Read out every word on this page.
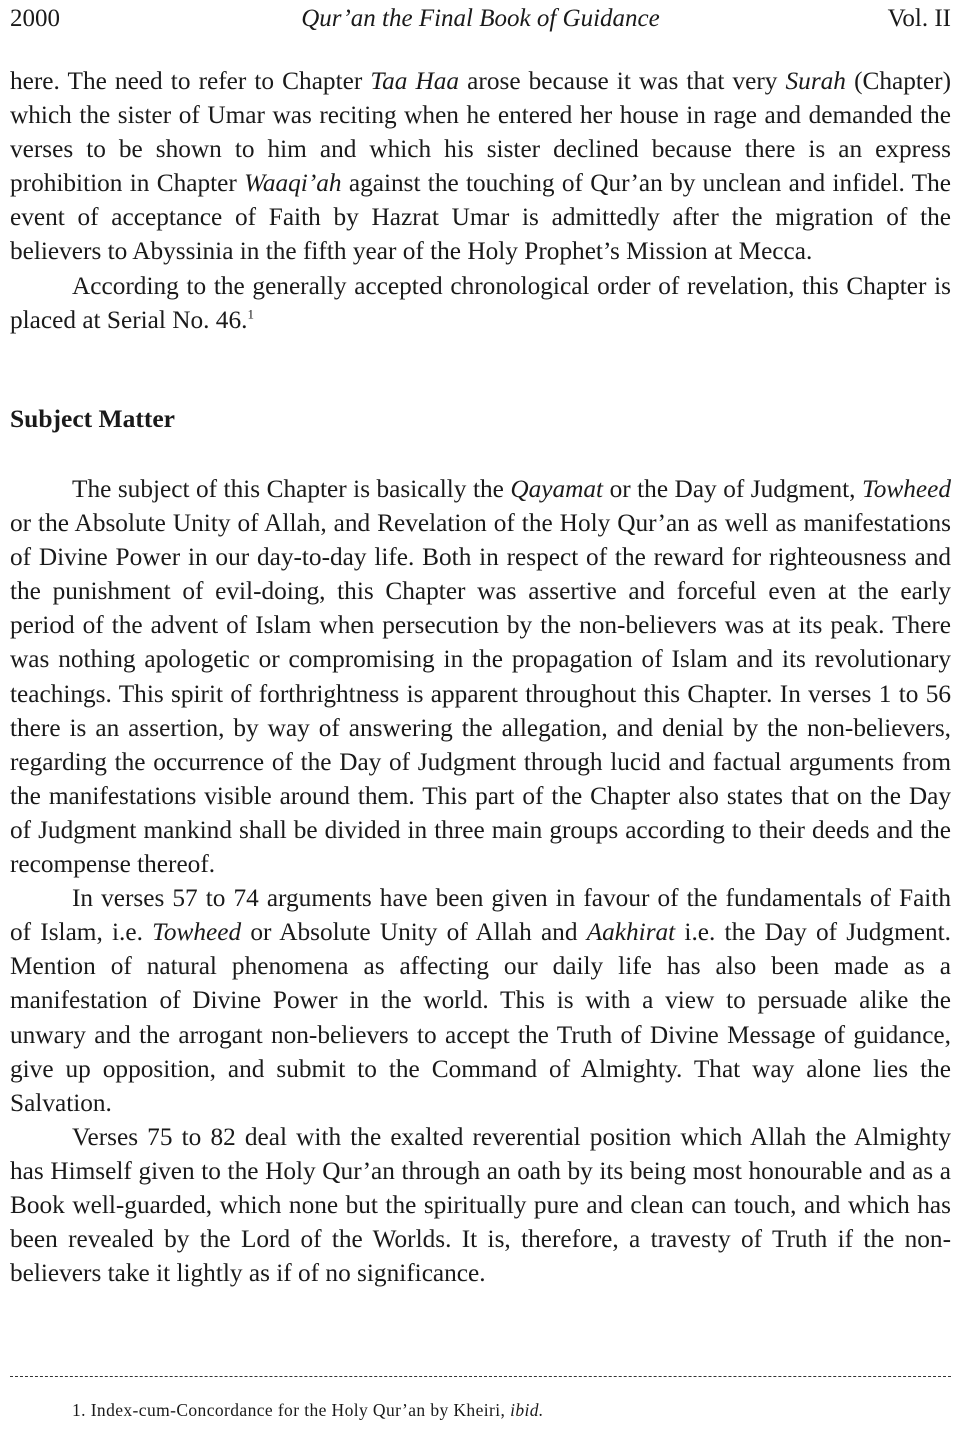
2000	Qur’an the Final Book of Guidance	Vol. II

here. The need to refer to Chapter Taa Haa arose because it was that very Surah (Chapter) which the sister of Umar was reciting when he entered her house in rage and demanded the verses to be shown to him and which his sister declined because there is an express prohibition in Chapter Waaqi’ah against the touching of Qur’an by unclean and infidel. The event of acceptance of Faith by Hazrat Umar is admittedly after the migration of the believers to Abyssinia in the fifth year of the Holy Prophet’s Mission at Mecca.

According to the generally accepted chronological order of revelation, this Chapter is placed at Serial No. 46.$^1$

Subject Matter

The subject of this Chapter is basically the Qayamat or the Day of Judgment, Towheed or the Absolute Unity of Allah, and Revelation of the Holy Qur’an as well as manifestations of Divine Power in our day-to-day life. Both in respect of the reward for righteousness and the punishment of evil-doing, this Chapter was assertive and forceful even at the early period of the advent of Islam when persecution by the non-believers was at its peak. There was nothing apologetic or compromising in the propagation of Islam and its revolutionary teachings. This spirit of forthrightness is apparent throughout this Chapter. In verses 1 to 56 there is an assertion, by way of answering the allegation, and denial by the non-believers, regarding the occurrence of the Day of Judgment through lucid and factual arguments from the manifestations visible around them. This part of the Chapter also states that on the Day of Judgment mankind shall be divided in three main groups according to their deeds and the recompense thereof.

In verses 57 to 74 arguments have been given in favour of the fundamentals of Faith of Islam, i.e. Towheed or Absolute Unity of Allah and Aakhirat i.e. the Day of Judgment. Mention of natural phenomena as affecting our daily life has also been made as a manifestation of Divine Power in the world. This is with a view to persuade alike the unwary and the arrogant non-believers to accept the Truth of Divine Message of guidance, give up opposition, and submit to the Command of Almighty. That way alone lies the Salvation.

Verses 75 to 82 deal with the exalted reverential position which Allah the Almighty has Himself given to the Holy Qur’an through an oath by its being most honourable and as a Book well-guarded, which none but the spiritually pure and clean can touch, and which has been revealed by the Lord of the Worlds. It is, therefore, a travesty of Truth if the non-believers take it lightly as if of no significance.

1. Index-cum-Concordance for the Holy Qur’an by Kheiri, ibid.
